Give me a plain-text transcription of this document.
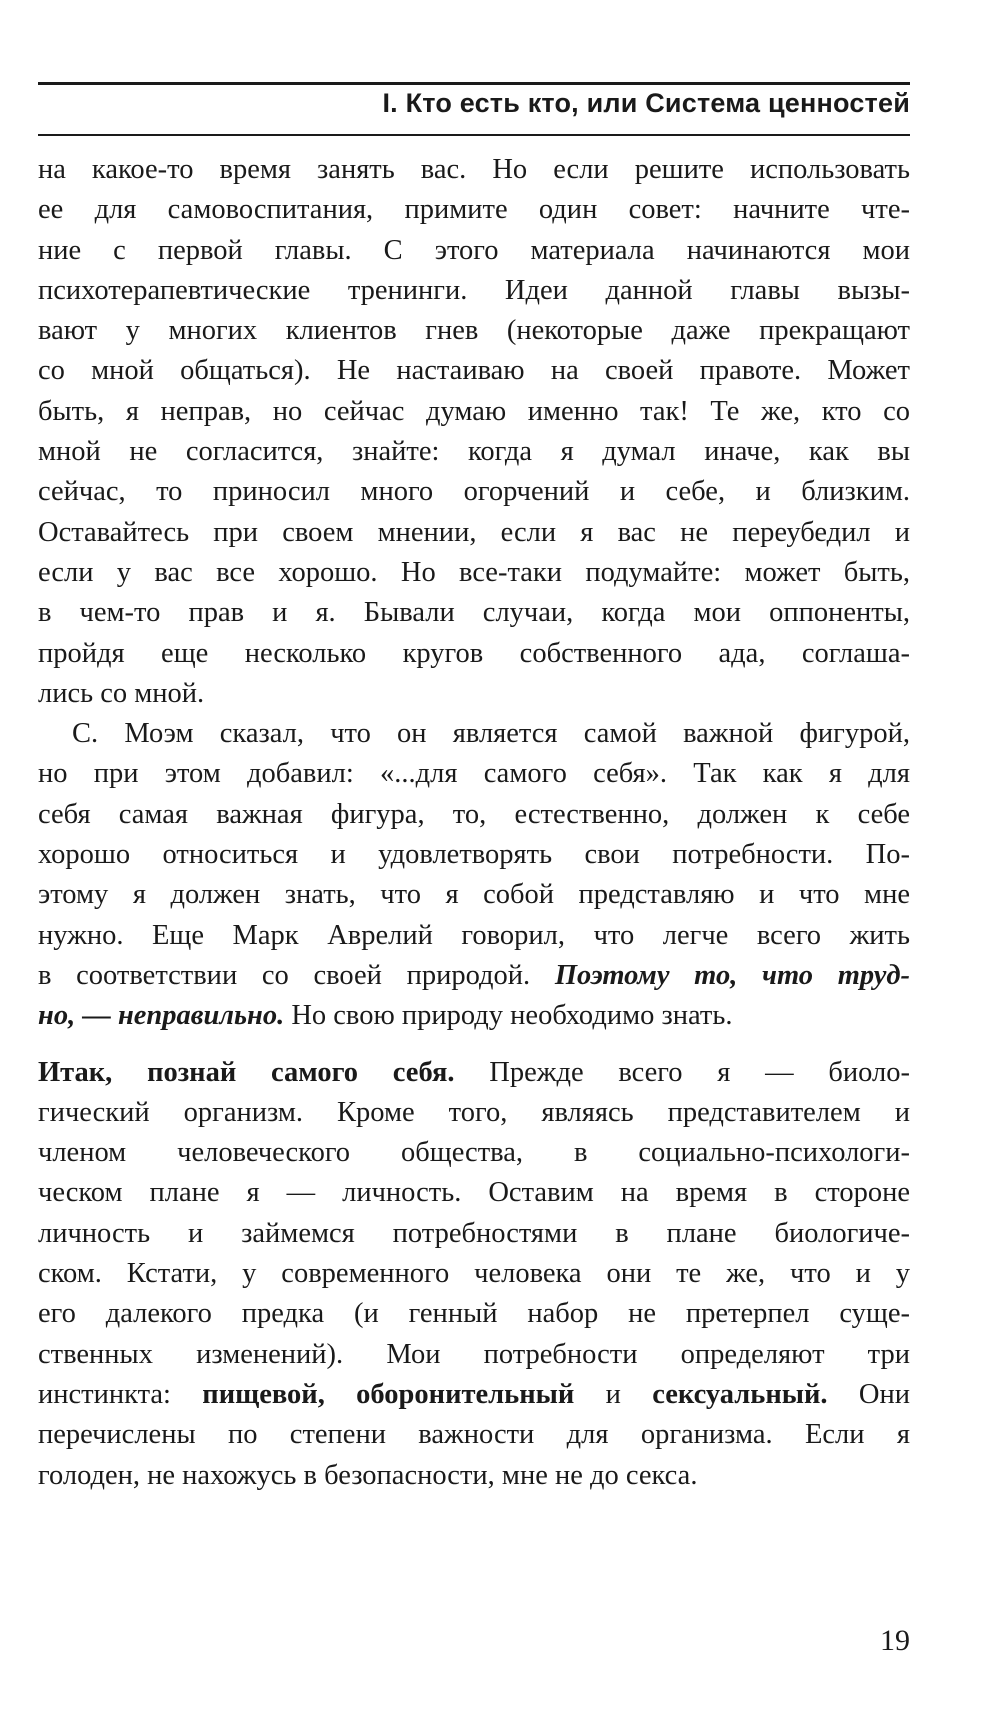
I. Кто есть кто, или Система ценностей
на какое-то время занять вас. Но если решите использовать
ее для самовоспитания, примите один совет: начните чте-
ние с первой главы. С этого материала начинаются мои
психотерапевтические тренинги. Идеи данной главы вызы-
вают у многих клиентов гнев (некоторые даже прекращают
со мной общаться). Не настаиваю на своей правоте. Может
быть, я неправ, но сейчас думаю именно так! Те же, кто со
мной не согласится, знайте: когда я думал иначе, как вы
сейчас, то приносил много огорчений и себе, и близким.
Оставайтесь при своем мнении, если я вас не переубедил и
если у вас все хорошо. Но все-таки подумайте: может быть,
в чем-то прав и я. Бывали случаи, когда мои оппоненты,
пройдя еще несколько кругов собственного ада, соглаша-
лись со мной.
С. Моэм сказал, что он является самой важной фигурой,
но при этом добавил: «...для самого себя». Так как я для
себя самая важная фигура, то, естественно, должен к себе
хорошо относиться и удовлетворять свои потребности. По-
этому я должен знать, что я собой представляю и что мне
нужно. Еще Марк Аврелий говорил, что легче всего жить
в соответствии со своей природой. Поэтому то, что труд-
но, — неправильно. Но свою природу необходимо знать.
Итак, познай самого себя. Прежде всего я — биоло-
гический организм. Кроме того, являясь представителем и
членом человеческого общества, в социально-психологи-
ческом плане я — личность. Оставим на время в стороне
личность и займемся потребностями в плане биологиче-
ском. Кстати, у современного человека они те же, что и у
его далекого предка (и генный набор не претерпел суще-
ственных изменений). Мои потребности определяют три
инстинкта: пищевой, оборонительный и сексуальный. Они
перечислены по степени важности для организма. Если я
голоден, не нахожусь в безопасности, мне не до секса.
19
